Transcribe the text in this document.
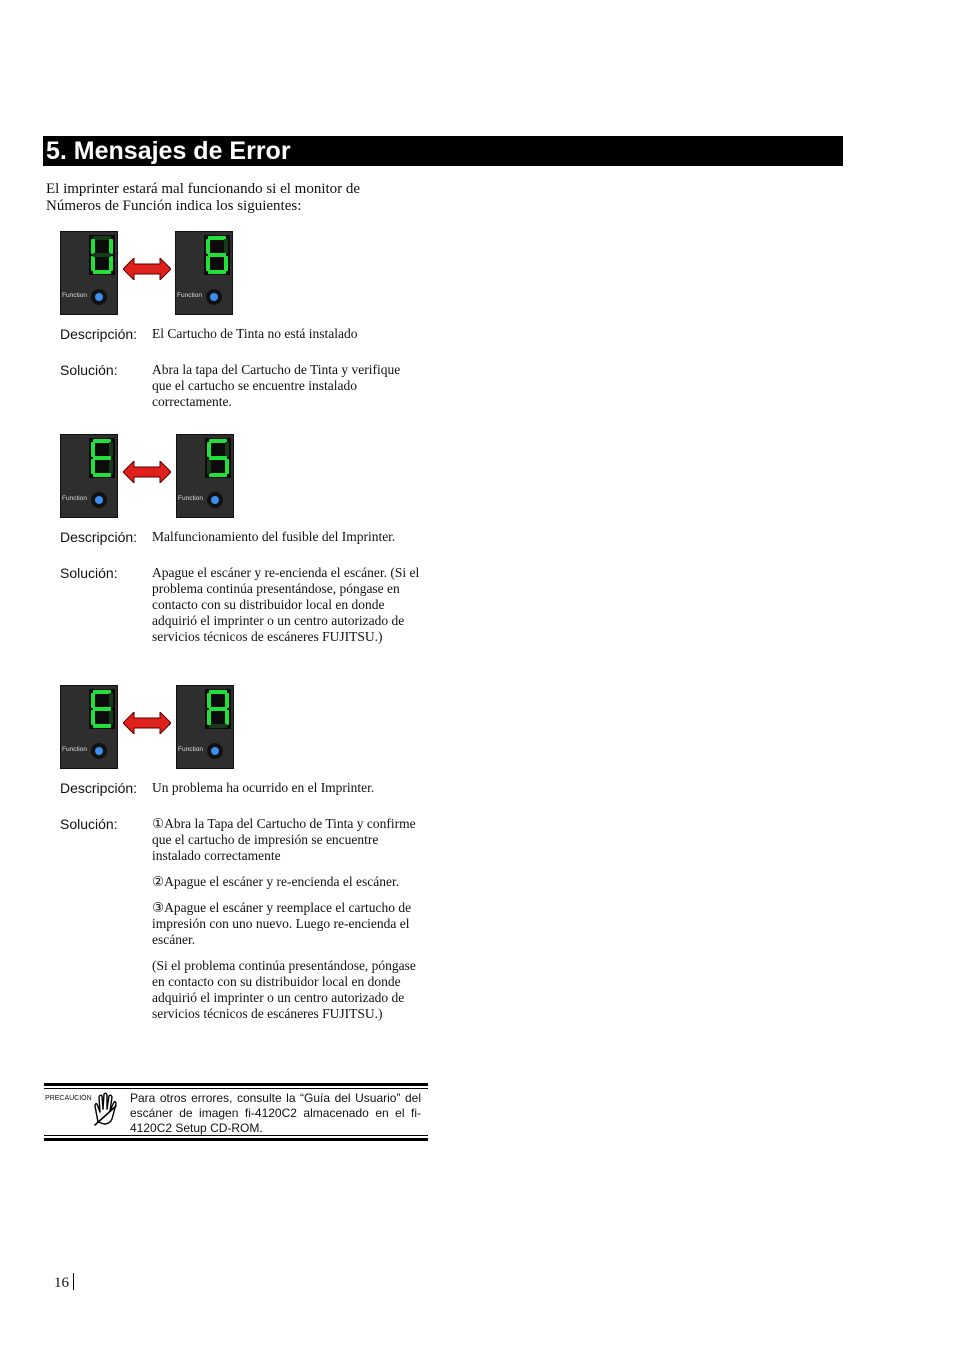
5. Mensajes de Error
El imprinter estará mal funcionando si el monitor de Números de Función indica los siguientes:
Function	Function
Descripción: El Cartucho de Tinta no está instalado
Solución:	Abra la tapa del Cartucho de Tinta y verifique que el cartucho se encuentre instalado correctamente.

Function	Function
Descripción: Malfuncionamiento del fusible del Imprinter.
Solución:	Apague el escáner y re-encienda el escáner. (Si el problema continúa presentándose, póngase en contacto con su distribuidor local en donde adquirió el imprinter o un centro autorizado de servicios técnicos de escáneres FUJITSU.)

Function	Function
Descripción: Un problema ha ocurrido en el Imprinter.
Solución:	①Abra la Tapa del Cartucho de Tinta y confirme que el cartucho de impresión se encuentre instalado correctamente

②Apague el escáner y re-encienda el escáner.

③Apague el escáner y reemplace el cartucho de impresión con uno nuevo. Luego re-encienda el escáner.

(Si el problema continúa presentándose, póngase en contacto con su distribuidor local en donde adquirió el imprinter o un centro autorizado de servicios técnicos de escáneres FUJITSU.)

PRECAUCIÓN	Para otros errores, consulte la “Guía del Usuario” del escáner de imagen fi-4120C2 almacenado en el fi-4120C2 Setup CD-ROM.
16
